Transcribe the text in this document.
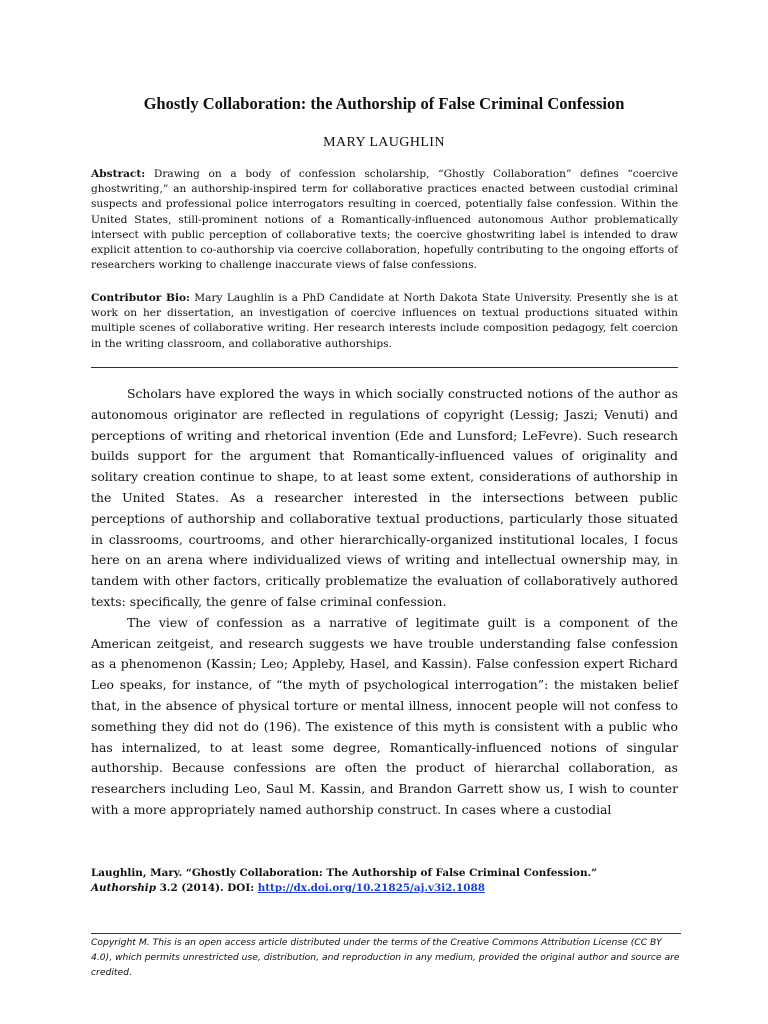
Ghostly Collaboration: the Authorship of False Criminal Confession
MARY LAUGHLIN
Abstract: Drawing on a body of confession scholarship, “Ghostly Collaboration” defines “coercive ghostwriting,” an authorship-inspired term for collaborative practices enacted between custodial criminal suspects and professional police interrogators resulting in coerced, potentially false confession. Within the United States, still-prominent notions of a Romantically-influenced autonomous Author problematically intersect with public perception of collaborative texts; the coercive ghostwriting label is intended to draw explicit attention to co-authorship via coercive collaboration, hopefully contributing to the ongoing efforts of researchers working to challenge inaccurate views of false confessions.
Contributor Bio: Mary Laughlin is a PhD Candidate at North Dakota State University. Presently she is at work on her dissertation, an investigation of coercive influences on textual productions situated within multiple scenes of collaborative writing. Her research interests include composition pedagogy, felt coercion in the writing classroom, and collaborative authorships.

Scholars have explored the ways in which socially constructed notions of the author as autonomous originator are reflected in regulations of copyright (Lessig; Jaszi; Venuti) and perceptions of writing and rhetorical invention (Ede and Lunsford; LeFevre). Such research builds support for the argument that Romantically-influenced values of originality and solitary creation continue to shape, to at least some extent, considerations of authorship in the United States. As a researcher interested in the intersections between public perceptions of authorship and collaborative textual productions, particularly those situated in classrooms, courtrooms, and other hierarchically-organized institutional locales, I focus here on an arena where individualized views of writing and intellectual ownership may, in tandem with other factors, critically problematize the evaluation of collaboratively authored texts: specifically, the genre of false criminal confession.

The view of confession as a narrative of legitimate guilt is a component of the American zeitgeist, and research suggests we have trouble understanding false confession as a phenomenon (Kassin; Leo; Appleby, Hasel, and Kassin). False confession expert Richard Leo speaks, for instance, of “the myth of psychological interrogation”: the mistaken belief that, in the absence of physical torture or mental illness, innocent people will not confess to something they did not do (196). The existence of this myth is consistent with a public who has internalized, to at least some degree, Romantically-influenced notions of singular authorship. Because confessions are often the product of hierarchal collaboration, as researchers including Leo, Saul M. Kassin, and Brandon Garrett show us, I wish to counter with a more appropriately named authorship construct. In cases where a custodial

Laughlin, Mary. “Ghostly Collaboration: The Authorship of False Criminal Confession.”
Authorship 3.2 (2014). DOI: http://dx.doi.org/10.21825/aj.v3i2.1088
Copyright M. This is an open access article distributed under the terms of the Creative Commons Attribution License (CC BY 4.0), which permits unrestricted use, distribution, and reproduction in any medium, provided the original author and source are credited.
